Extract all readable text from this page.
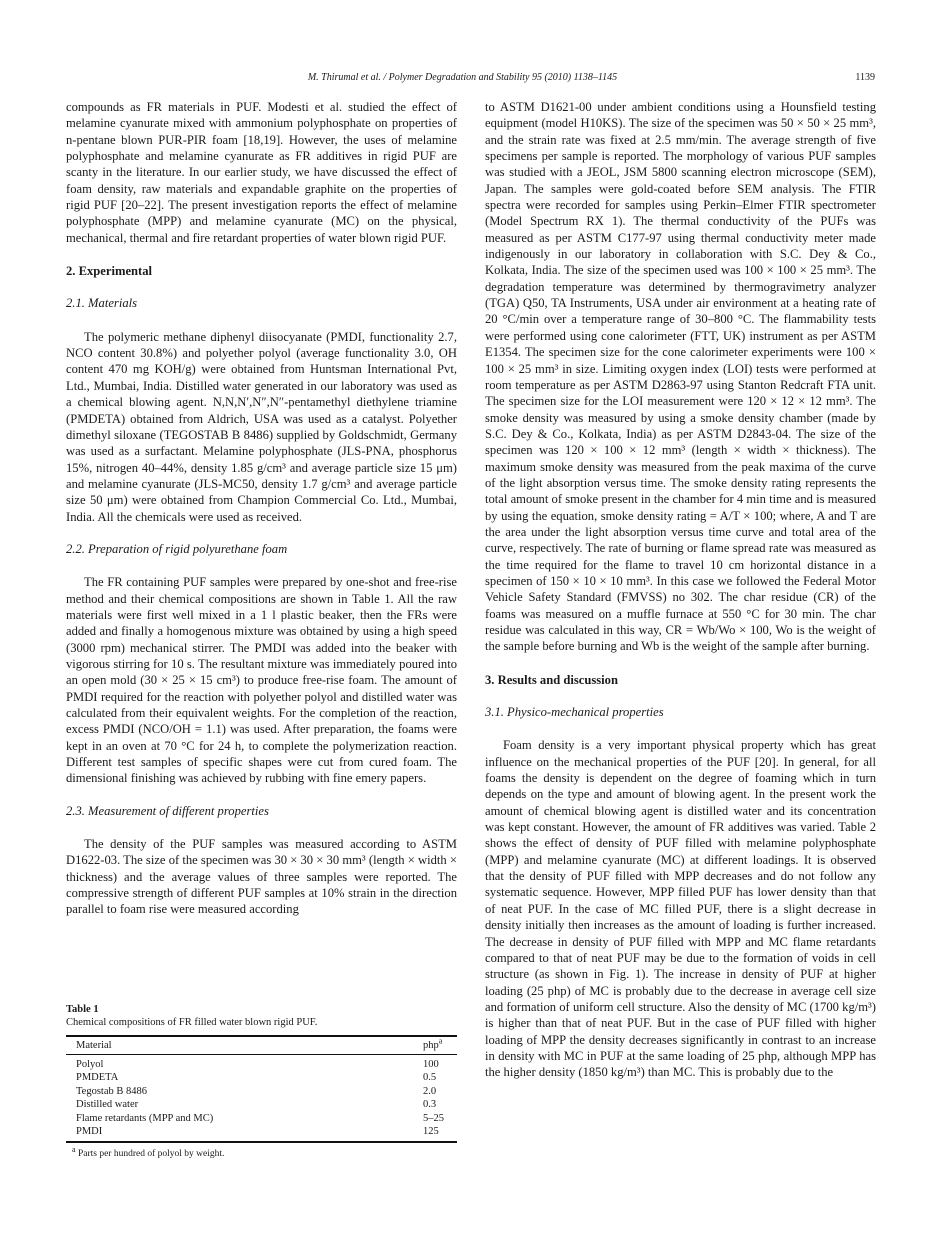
M. Thirumal et al. / Polymer Degradation and Stability 95 (2010) 1138–1145	1139

compounds as FR materials in PUF. Modesti et al. studied the effect of melamine cyanurate mixed with ammonium polyphosphate on properties of n-pentane blown PUR-PIR foam [18,19]. However, the uses of melamine polyphosphate and melamine cyanurate as FR additives in rigid PUF are scanty in the literature. In our earlier study, we have discussed the effect of foam density, raw materials and expandable graphite on the properties of rigid PUF [20–22]. The present investigation reports the effect of melamine polyphosphate (MPP) and melamine cyanurate (MC) on the physical, mechanical, thermal and fire retardant properties of water blown rigid PUF.

2. Experimental
2.1. Materials

The polymeric methane diphenyl diisocyanate (PMDI, functionality 2.7, NCO content 30.8%) and polyether polyol (average functionality 3.0, OH content 470 mg KOH/g) were obtained from Huntsman International Pvt, Ltd., Mumbai, India. Distilled water generated in our laboratory was used as a chemical blowing agent. N,N,N′,N″,N″-pentamethyl diethylene triamine (PMDETA) obtained from Aldrich, USA was used as a catalyst. Polyether dimethyl siloxane (TEGOSTAB B 8486) supplied by Goldschmidt, Germany was used as a surfactant. Melamine polyphosphate (JLS-PNA, phosphorus 15%, nitrogen 40–44%, density 1.85 g/cm³ and average particle size 15 μm) and melamine cyanurate (JLS-MC50, density 1.7 g/cm³ and average particle size 50 μm) were obtained from Champion Commercial Co. Ltd., Mumbai, India. All the chemicals were used as received.

2.2. Preparation of rigid polyurethane foam

The FR containing PUF samples were prepared by one-shot and free-rise method and their chemical compositions are shown in Table 1. All the raw materials were first well mixed in a 1 l plastic beaker, then the FRs were added and finally a homogenous mixture was obtained by using a high speed (3000 rpm) mechanical stirrer. The PMDI was added into the beaker with vigorous stirring for 10 s. The resultant mixture was immediately poured into an open mold (30 × 25 × 15 cm³) to produce free-rise foam. The amount of PMDI required for the reaction with polyether polyol and distilled water was calculated from their equivalent weights. For the completion of the reaction, excess PMDI (NCO/OH = 1.1) was used. After preparation, the foams were kept in an oven at 70 °C for 24 h, to complete the polymerization reaction. Different test samples of specific shapes were cut from cured foam. The dimensional finishing was achieved by rubbing with fine emery papers.

2.3. Measurement of different properties

The density of the PUF samples was measured according to ASTM D1622-03. The size of the specimen was 30 × 30 × 30 mm³ (length × width × thickness) and the average values of three samples were reported. The compressive strength of different PUF samples at 10% strain in the direction parallel to foam rise were measured according

Table 1

Chemical compositions of FR filled water blown rigid PUF.

Material	php$^a$
Polyol	100
PMDETA	0.5
Tegostab B 8486	2.0
Distilled water	0.3
Flame retardants (MPP and MC)	5–25
PMDI	125

$^a$ Parts per hundred of polyol by weight.

to ASTM D1621-00 under ambient conditions using a Hounsfield testing equipment (model H10KS). The size of the specimen was 50 × 50 × 25 mm³, and the strain rate was fixed at 2.5 mm/min. The average strength of five specimens per sample is reported. The morphology of various PUF samples was studied with a JEOL, JSM 5800 scanning electron microscope (SEM), Japan. The samples were gold-coated before SEM analysis. The FTIR spectra were recorded for samples using Perkin–Elmer FTIR spectrometer (Model Spectrum RX 1). The thermal conductivity of the PUFs was measured as per ASTM C177-97 using thermal conductivity meter made indigenously in our laboratory in collaboration with S.C. Dey & Co., Kolkata, India. The size of the specimen used was 100 × 100 × 25 mm³. The degradation temperature was determined by thermogravimetry analyzer (TGA) Q50, TA Instruments, USA under air environment at a heating rate of 20 °C/min over a temperature range of 30–800 °C. The flammability tests were performed using cone calorimeter (FTT, UK) instrument as per ASTM E1354. The specimen size for the cone calorimeter experiments were 100 × 100 × 25 mm³ in size. Limiting oxygen index (LOI) tests were performed at room temperature as per ASTM D2863-97 using Stanton Redcraft FTA unit. The specimen size for the LOI measurement were 120 × 12 × 12 mm³. The smoke density was measured by using a smoke density chamber (made by S.C. Dey & Co., Kolkata, India) as per ASTM D2843-04. The size of the specimen was 120 × 100 × 12 mm³ (length × width × thickness). The maximum smoke density was measured from the peak maxima of the curve of the light absorption versus time. The smoke density rating represents the total amount of smoke present in the chamber for 4 min time and is measured by using the equation, smoke density rating = A/T × 100; where, A and T are the area under the light absorption versus time curve and total area of the curve, respectively. The rate of burning or flame spread rate was measured as the time required for the flame to travel 10 cm horizontal distance in a specimen of 150 × 10 × 10 mm³. In this case we followed the Federal Motor Vehicle Safety Standard (FMVSS) no 302. The char residue (CR) of the foams was measured on a muffle furnace at 550 °C for 30 min. The char residue was calculated in this way, CR = Wb/Wo × 100, Wo is the weight of the sample before burning and Wb is the weight of the sample after burning.

3. Results and discussion
3.1. Physico-mechanical properties

Foam density is a very important physical property which has great influence on the mechanical properties of the PUF [20]. In general, for all foams the density is dependent on the degree of foaming which in turn depends on the type and amount of blowing agent. In the present work the amount of chemical blowing agent is distilled water and its concentration was kept constant. However, the amount of FR additives was varied. Table 2 shows the effect of density of PUF filled with melamine polyphosphate (MPP) and melamine cyanurate (MC) at different loadings. It is observed that the density of PUF filled with MPP decreases and do not follow any systematic sequence. However, MPP filled PUF has lower density than that of neat PUF. In the case of MC filled PUF, there is a slight decrease in density initially then increases as the amount of loading is further increased. The decrease in density of PUF filled with MPP and MC flame retardants compared to that of neat PUF may be due to the formation of voids in cell structure (as shown in Fig. 1). The increase in density of PUF at higher loading (25 php) of MC is probably due to the decrease in average cell size and formation of uniform cell structure. Also the density of MC (1700 kg/m³) is higher than that of neat PUF. But in the case of PUF filled with higher loading of MPP the density decreases significantly in contrast to an increase in density with MC in PUF at the same loading of 25 php, although MPP has the higher density (1850 kg/m³) than MC. This is probably due to the
